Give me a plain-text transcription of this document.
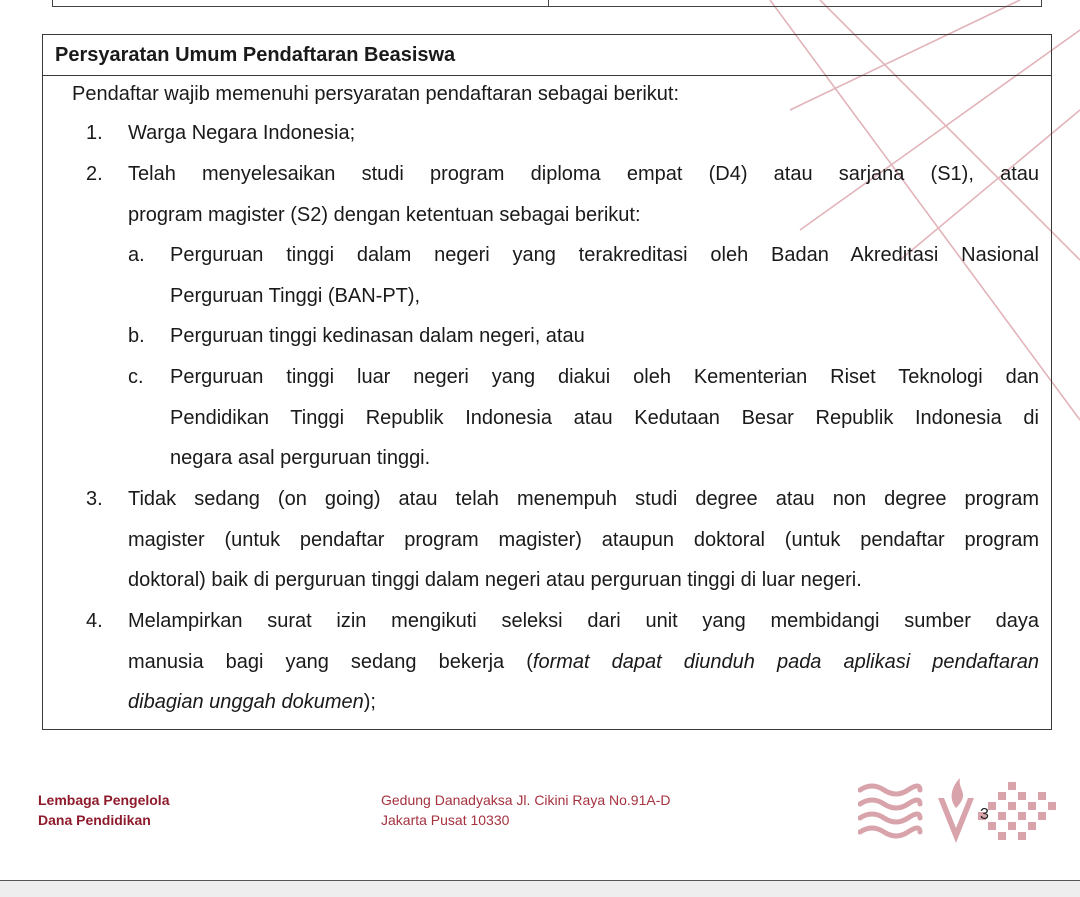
Persyaratan Umum Pendaftaran Beasiswa
Pendaftar wajib memenuhi persyaratan pendaftaran sebagai berikut:
1. Warga Negara Indonesia;
2. Telah menyelesaikan studi program diploma empat (D4) atau sarjana (S1), atau
program magister (S2) dengan ketentuan sebagai berikut:
a. Perguruan tinggi dalam negeri yang terakreditasi oleh Badan Akreditasi Nasional
Perguruan Tinggi (BAN-PT),
b. Perguruan tinggi kedinasan dalam negeri, atau
c. Perguruan tinggi luar negeri yang diakui oleh Kementerian Riset Teknologi dan
Pendidikan Tinggi Republik Indonesia atau Kedutaan Besar Republik Indonesia di
negara asal perguruan tinggi.
3. Tidak sedang (on going) atau telah menempuh studi degree atau non degree program
magister (untuk pendaftar program magister) ataupun doktoral (untuk pendaftar program
doktoral) baik di perguruan tinggi dalam negeri atau perguruan tinggi di luar negeri.
4. Melampirkan surat izin mengikuti seleksi dari unit yang membidangi sumber daya
manusia bagi yang sedang bekerja (format dapat diunduh pada aplikasi pendaftaran
dibagian unggah dokumen);
Lembaga Pengelola
Dana Pendidikan
Gedung Danadyaksa Jl. Cikini Raya No.91A-D
Jakarta Pusat 10330	3
